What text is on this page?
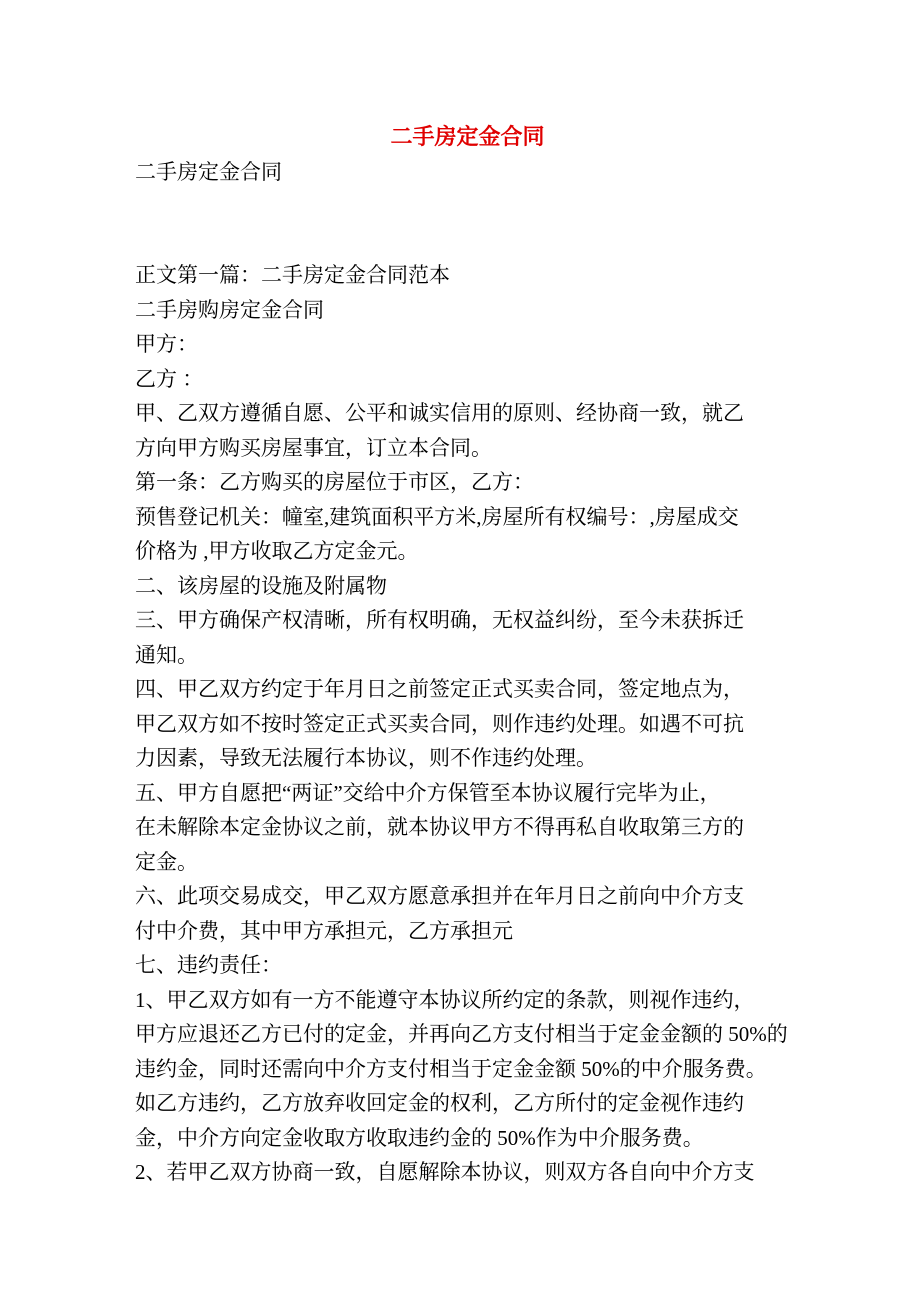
二手房定金合同
二手房定金合同
正文第一篇：二手房定金合同范本
二手房购房定金合同
甲方：
乙方 ：
甲、乙双方遵循自愿、公平和诚实信用的原则、经协商一致，就乙
方向甲方购买房屋事宜，订立本合同。
第一条：乙方购买的房屋位于市区，乙方：
预售登记机关：幢室,建筑面积平方米,房屋所有权编号：,房屋成交
价格为 ,甲方收取乙方定金元。
二、该房屋的设施及附属物
三、甲方确保产权清晰，所有权明确，无权益纠纷，至今未获拆迁
通知。
四、甲乙双方约定于年月日之前签定正式买卖合同，签定地点为，
甲乙双方如不按时签定正式买卖合同，则作违约处理。如遇不可抗
力因素，导致无法履行本协议，则不作违约处理。
五、甲方自愿把“两证”交给中介方保管至本协议履行完毕为止，
在未解除本定金协议之前，就本协议甲方不得再私自收取第三方的
定金。
六、此项交易成交，甲乙双方愿意承担并在年月日之前向中介方支
付中介费，其中甲方承担元，乙方承担元
七、违约责任：
1、甲乙双方如有一方不能遵守本协议所约定的条款，则视作违约，
甲方应退还乙方已付的定金，并再向乙方支付相当于定金金额的 50%的
违约金，同时还需向中介方支付相当于定金金额 50%的中介服务费。
如乙方违约，乙方放弃收回定金的权利，乙方所付的定金视作违约
金，中介方向定金收取方收取违约金的 50%作为中介服务费。
2、若甲乙双方协商一致，自愿解除本协议，则双方各自向中介方支
